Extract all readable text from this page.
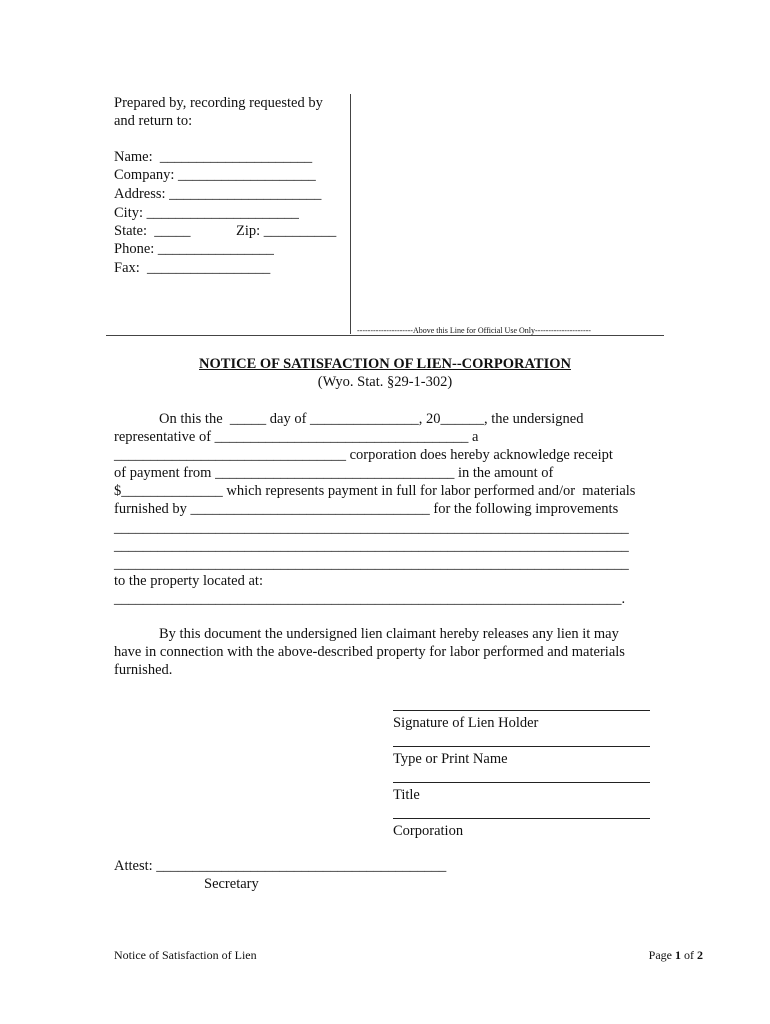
Prepared by, recording requested by
and return to:
Name:  _____________________
Company: ___________________
Address: _____________________
City: _____________________
State:  _____	Zip: __________
Phone: ________________
Fax:  _________________
---------------------Above this Line for Official Use Only---------------------
NOTICE OF SATISFACTION OF LIEN--CORPORATION
(Wyo. Stat. §29-1-302)
On this the  _____ day of _______________, 20______, the undersigned
representative of ___________________________________ a
________________________________ corporation does hereby acknowledge receipt
of payment from _________________________________ in the amount of
$______________ which represents payment in full for labor performed and/or  materials
furnished by _________________________________ for the following improvements
_______________________________________________________________________
_______________________________________________________________________
_______________________________________________________________________
to the property located at:
______________________________________________________________________.
By this document the undersigned lien claimant hereby releases any lien it may
have in connection with the above-described property for labor performed and materials
furnished.
Signature of Lien Holder
Type or Print Name
Title
Corporation
Attest: ________________________________________
Secretary
Notice of Satisfaction of Lien	Page 1 of 2
